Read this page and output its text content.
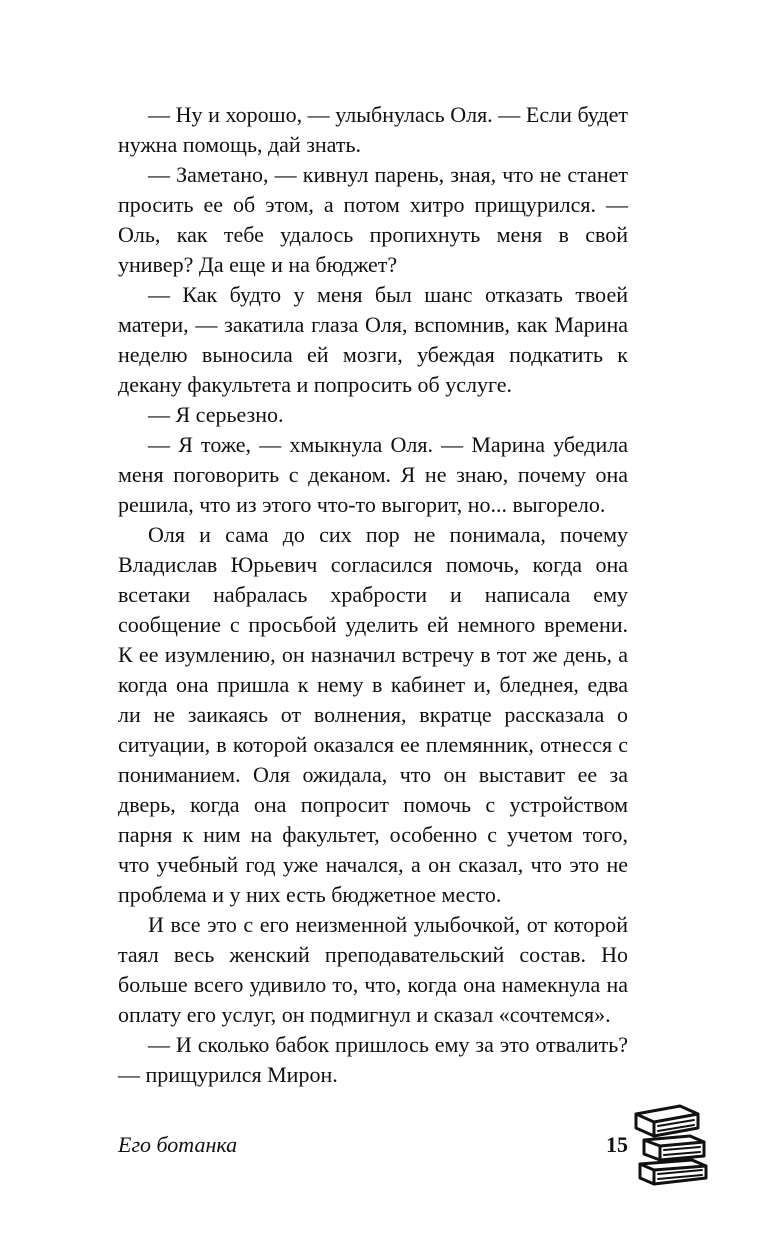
— Ну и хорошо, — улыбнулась Оля. — Если будет нужна помощь, дай знать.

— Заметано, — кивнул парень, зная, что не станет просить ее об этом, а потом хитро прищурился. — Оль, как тебе удалось пропихнуть меня в свой универ? Да еще и на бюджет?

— Как будто у меня был шанс отказать твоей матери, — закатила глаза Оля, вспомнив, как Марина неделю выносила ей мозги, убеждая подкатить к декану факультета и попросить об услуге.

— Я серьезно.

— Я тоже, — хмыкнула Оля. — Марина убедила меня поговорить с деканом. Я не знаю, почему она решила, что из этого что-то выгорит, но... выгорело.

Оля и сама до сих пор не понимала, почему Владислав Юрьевич согласился помочь, когда она всетаки набралась храбрости и написала ему сообщение с просьбой уделить ей немного времени. К ее изумлению, он назначил встречу в тот же день, а когда она пришла к нему в кабинет и, бледнея, едва ли не заикаясь от волнения, вкратце рассказала о ситуации, в которой оказался ее племянник, отнесся с пониманием. Оля ожидала, что он выставит ее за дверь, когда она попросит помочь с устройством парня к ним на факультет, особенно с учетом того, что учебный год уже начался, а он сказал, что это не проблема и у них есть бюджетное место.

И все это с его неизменной улыбочкой, от которой таял весь женский преподавательский состав. Но больше всего удивило то, что, когда она намекнула на оплату его услуг, он подмигнул и сказал «сочтемся».

— И сколько бабок пришлось ему за это отвалить? — прищурился Мирон.

Его ботанка	15
